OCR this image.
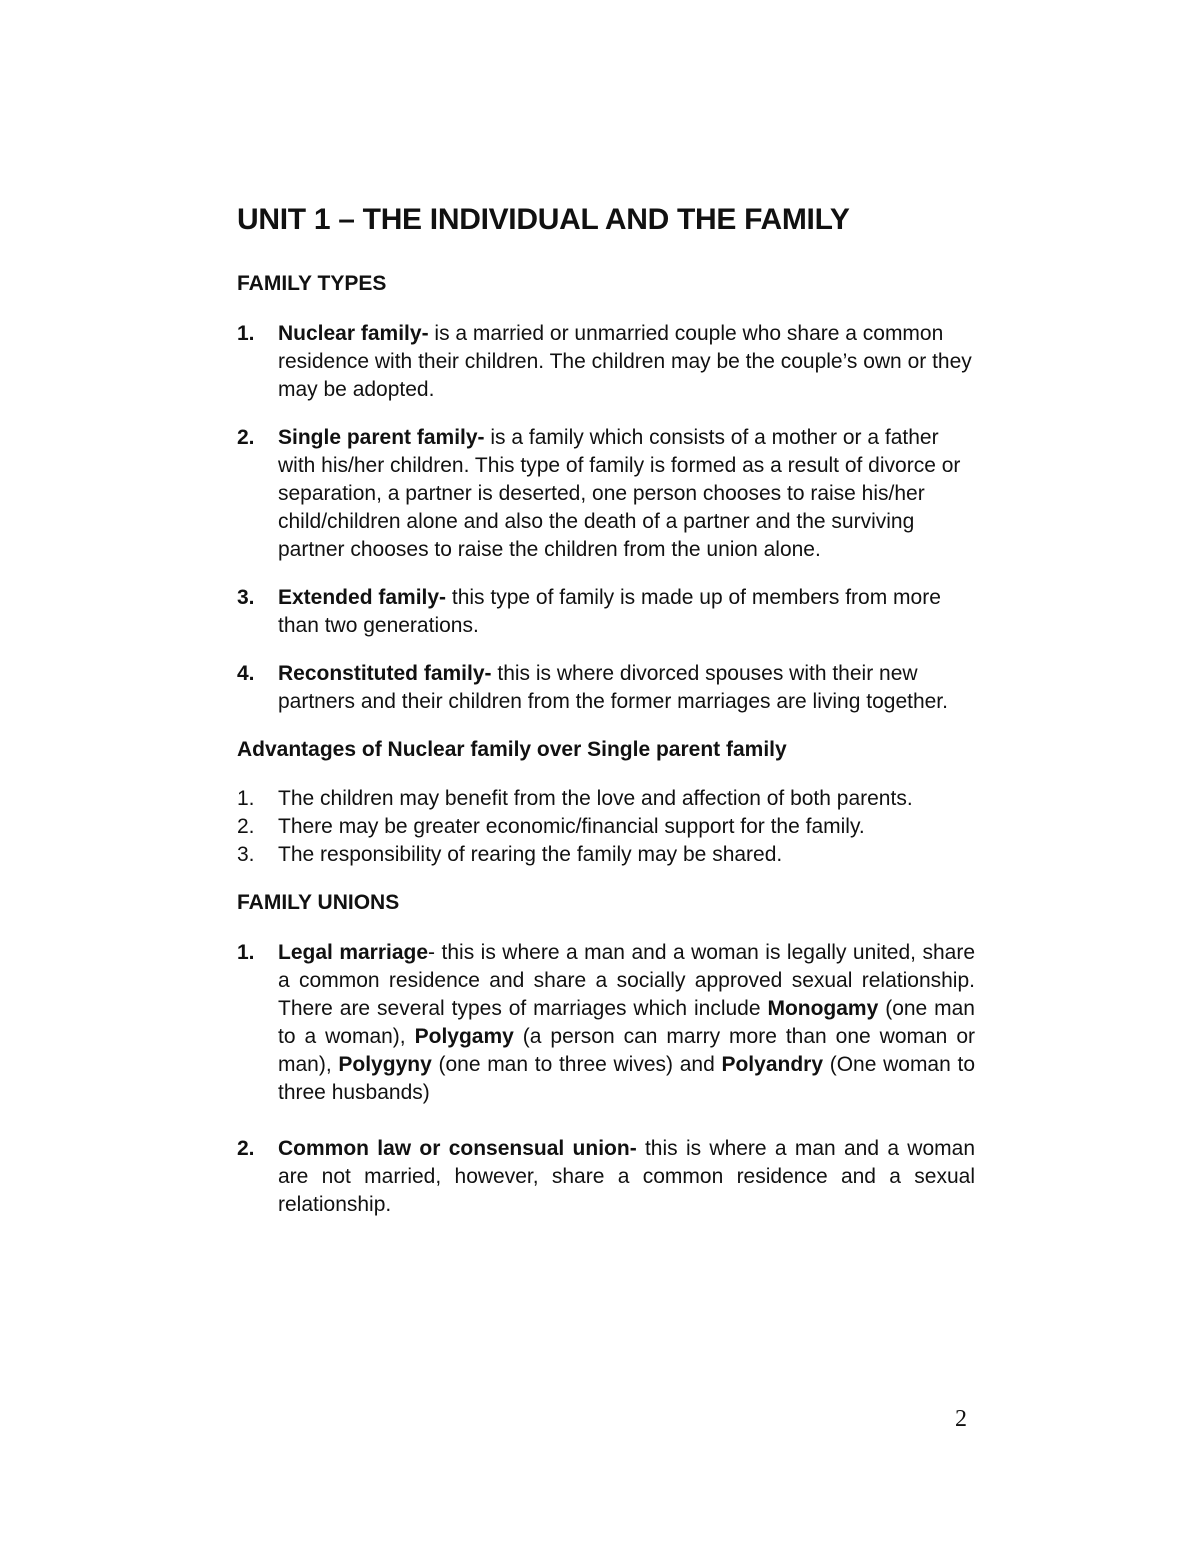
UNIT 1 – THE INDIVIDUAL AND THE FAMILY
FAMILY TYPES
1. Nuclear family- is a married or unmarried couple who share a common residence with their children. The children may be the couple’s own or they may be adopted.
2. Single parent family- is a family which consists of a mother or a father with his/her children. This type of family is formed as a result of divorce or separation, a partner is deserted, one person chooses to raise his/her child/children alone and also the death of a partner and the surviving partner chooses to raise the children from the union alone.
3. Extended family- this type of family is made up of members from more than two generations.
4. Reconstituted family- this is where divorced spouses with their new partners and their children from the former marriages are living together.
Advantages of Nuclear family over Single parent family
1. The children may benefit from the love and affection of both parents.
2. There may be greater economic/financial support for the family.
3. The responsibility of rearing the family may be shared.
FAMILY UNIONS
1. Legal marriage- this is where a man and a woman is legally united, share a common residence and share a socially approved sexual relationship. There are several types of marriages which include Monogamy (one man to a woman), Polygamy (a person can marry more than one woman or man), Polygyny (one man to three wives) and Polyandry (One woman to three husbands)
2. Common law or consensual union- this is where a man and a woman are not married, however, share a common residence and a sexual relationship.
2
